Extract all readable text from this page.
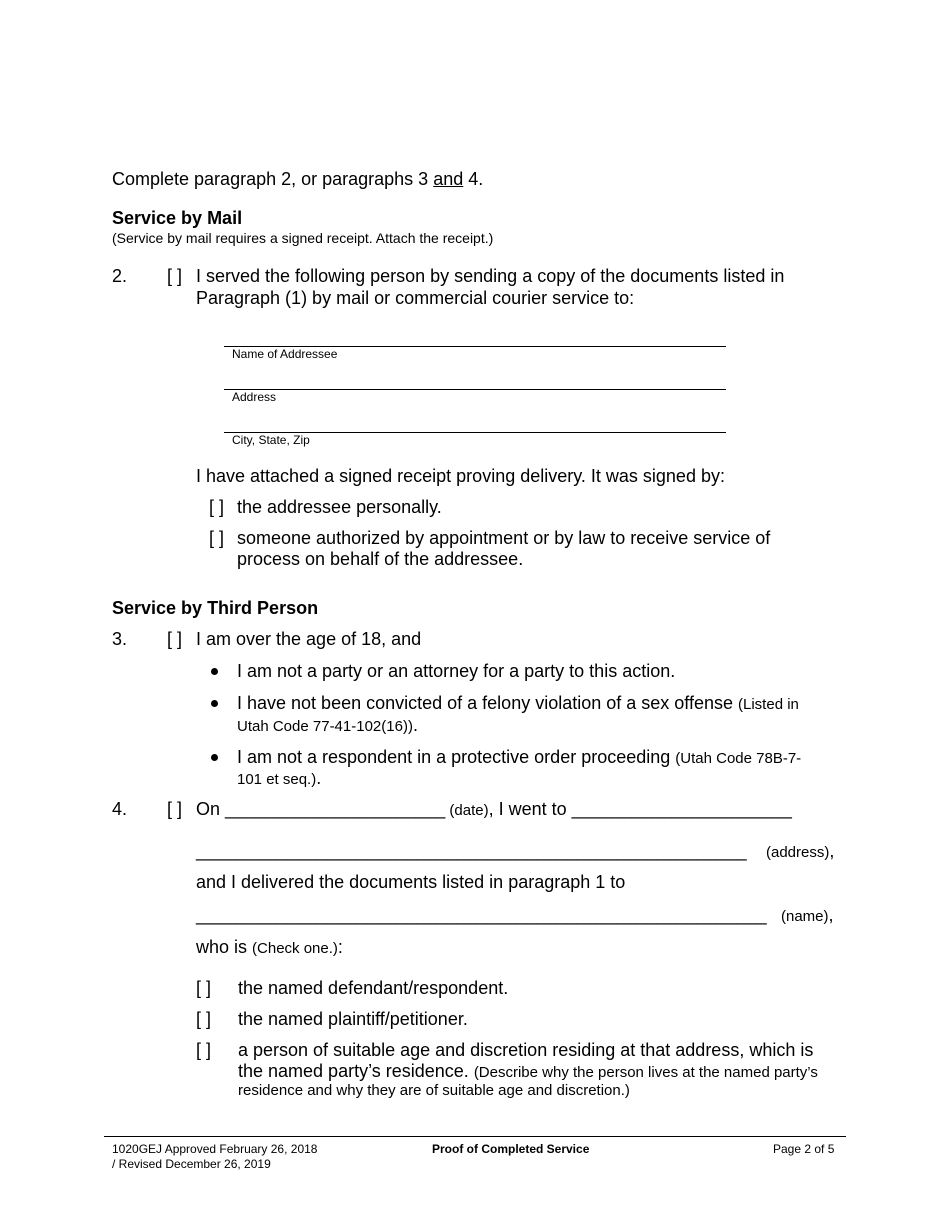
Complete paragraph 2, or paragraphs 3 and 4.
Service by Mail
(Service by mail requires a signed receipt. Attach the receipt.)
2. [ ] I served the following person by sending a copy of the documents listed in
Paragraph (1) by mail or commercial courier service to:
Name of Addressee
Address
City, State, Zip
I have attached a signed receipt proving delivery. It was signed by:
[ ] the addressee personally.
[ ] someone authorized by appointment or by law to receive service of
process on behalf of the addressee.
Service by Third Person
3. [ ] I am over the age of 18, and
I am not a party or an attorney for a party to this action.
I have not been convicted of a felony violation of a sex offense (Listed in
Utah Code 77-41-102(16)).
I am not a respondent in a protective order proceeding (Utah Code 78B-7-
101 et seq.).
4. [ ] On ______________________ (date), I went to ______________________
_______________________________________________________ (address),
and I delivered the documents listed in paragraph 1 to
_________________________________________________________ (name),
who is (Check one.):
[ ] the named defendant/respondent.
[ ] the named plaintiff/petitioner.
[ ] a person of suitable age and discretion residing at that address, which is
the named party’s residence. (Describe why the person lives at the named party’s
residence and why they are of suitable age and discretion.)
1020GEJ Approved February 26, 2018
/ Revised December 26, 2019
Proof of Completed Service	Page 2 of 5
